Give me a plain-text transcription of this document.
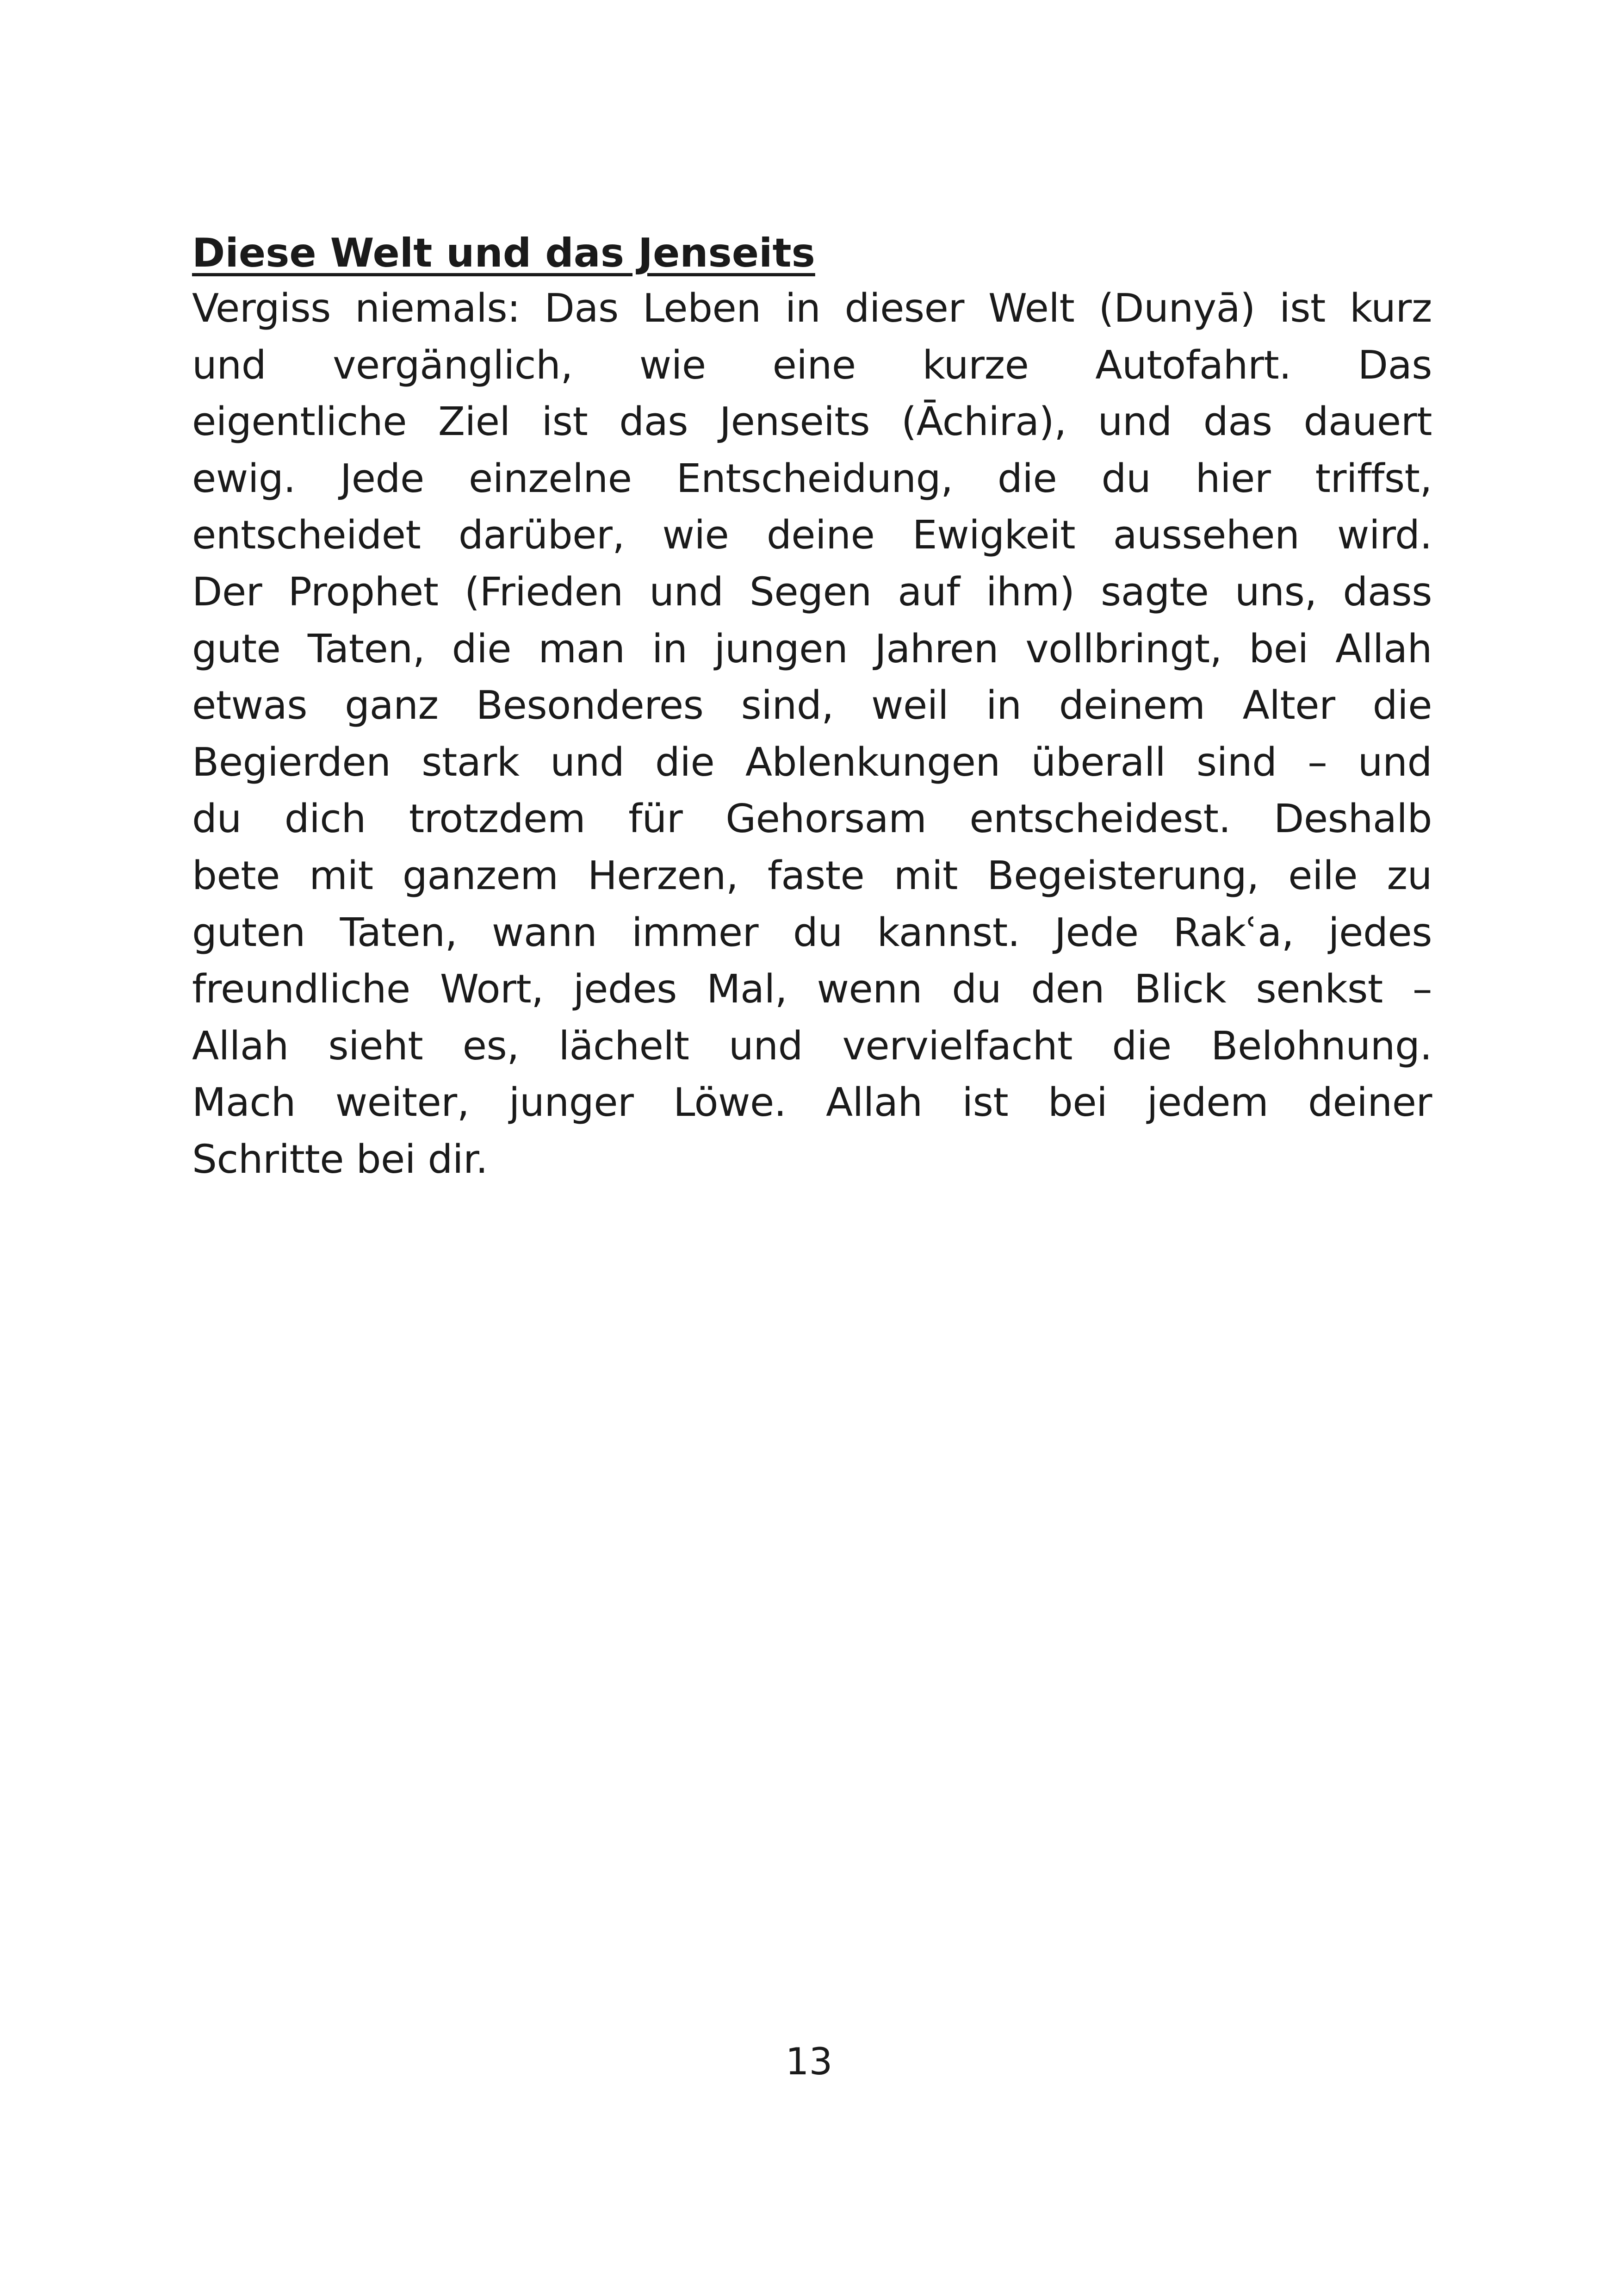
Diese Welt und das Jenseits
Vergiss niemals: Das Leben in dieser Welt (Dunyā) ist kurz
und vergänglich, wie eine kurze Autofahrt. Das
eigentliche Ziel ist das Jenseits (Āchira), und das dauert
ewig. Jede einzelne Entscheidung, die du hier triffst,
entscheidet darüber, wie deine Ewigkeit aussehen wird.
Der Prophet (Frieden und Segen auf ihm) sagte uns, dass
gute Taten, die man in jungen Jahren vollbringt, bei Allah
etwas ganz Besonderes sind, weil in deinem Alter die
Begierden stark und die Ablenkungen überall sind – und
du dich trotzdem für Gehorsam entscheidest. Deshalb
bete mit ganzem Herzen, faste mit Begeisterung, eile zu
guten Taten, wann immer du kannst. Jede Rakʿa, jedes
freundliche Wort, jedes Mal, wenn du den Blick senkst –
Allah sieht es, lächelt und vervielfacht die Belohnung.
Mach weiter, junger Löwe. Allah ist bei jedem deiner
Schritte bei dir.
13
